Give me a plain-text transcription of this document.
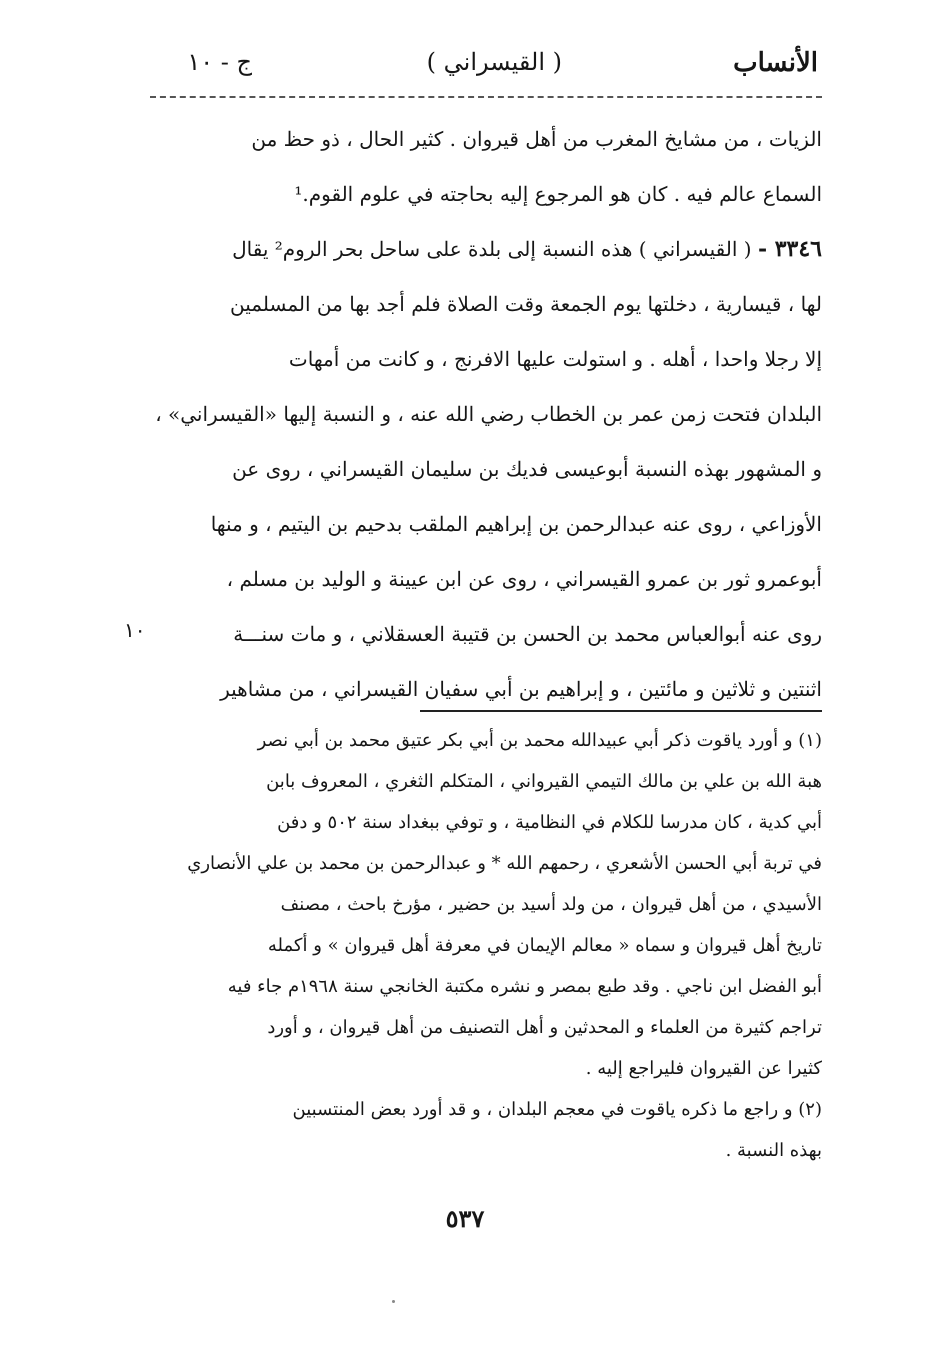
الأنساب
( القيسراني )
ج - ١٠
الزيات ، من مشايخ المغرب من أهل قيروان . كثير الحال ، ذو حظ من
السماع عالم فيه . كان هو المرجوع إليه بحاجته في علوم القوم.¹
٣٣٤٦ - ( القيسراني ) هذه النسبة إلى بلدة على ساحل بحر الروم² يقال
لها ، قيسارية ، دخلتها يوم الجمعة وقت الصلاة فلم أجد بها من المسلمين
إلا رجلا واحدا ، أهله . و استولت عليها الافرنج ، و كانت من أمهات
البلدان فتحت زمن عمر بن الخطاب رضي الله عنه ، و النسبة إليها «القيسراني» ،
و المشهور بهذه النسبة أبوعيسى فديك بن سليمان القيسراني ، روى عن
الأوزاعي ، روى عنه عبدالرحمن بن إبراهيم الملقب بدحيم بن اليتيم ، و منها
أبوعمرو ثور بن عمرو القيسراني ، روى عن ابن عيينة و الوليد بن مسلم ،
روى عنه أبوالعباس محمد بن الحسن بن قتيبة العسقلاني ، و مات سنـــة
اثنتين و ثلاثين و مائتين ، و إبراهيم بن أبي سفيان القيسراني ، من مشاهير
١٠
(١) و أورد ياقوت ذكر أبي عبيدالله محمد بن أبي بكر عتيق محمد بن أبي نصر
هبة الله بن علي بن مالك التيمي القيرواني ، المتكلم الثغري ، المعروف بابن
أبي كدية ، كان مدرسا للكلام في النظامية ، و توفي ببغداد سنة ٥٠٢ و دفن
في تربة أبي الحسن الأشعري ، رحمهم الله * و عبدالرحمن بن محمد بن علي الأنصاري
الأسيدي ، من أهل قيروان ، من ولد أسيد بن حضير ، مؤرخ باحث ، مصنف
تاريخ أهل قيروان و سماه « معالم الإيمان في معرفة أهل قيروان » و أكمله
أبو الفضل ابن ناجي . وقد طبع بمصر و نشره مكتبة الخانجي سنة ١٩٦٨م جاء فيه
تراجم كثيرة من العلماء و المحدثين و أهل التصنيف من أهل قيروان ، و أورد
كثيرا عن القيروان فليراجع إليه .
(٢) و راجع ما ذكره ياقوت في معجم البلدان ، و قد أورد بعض المنتسبين
بهذه النسبة .
٥٣٧
